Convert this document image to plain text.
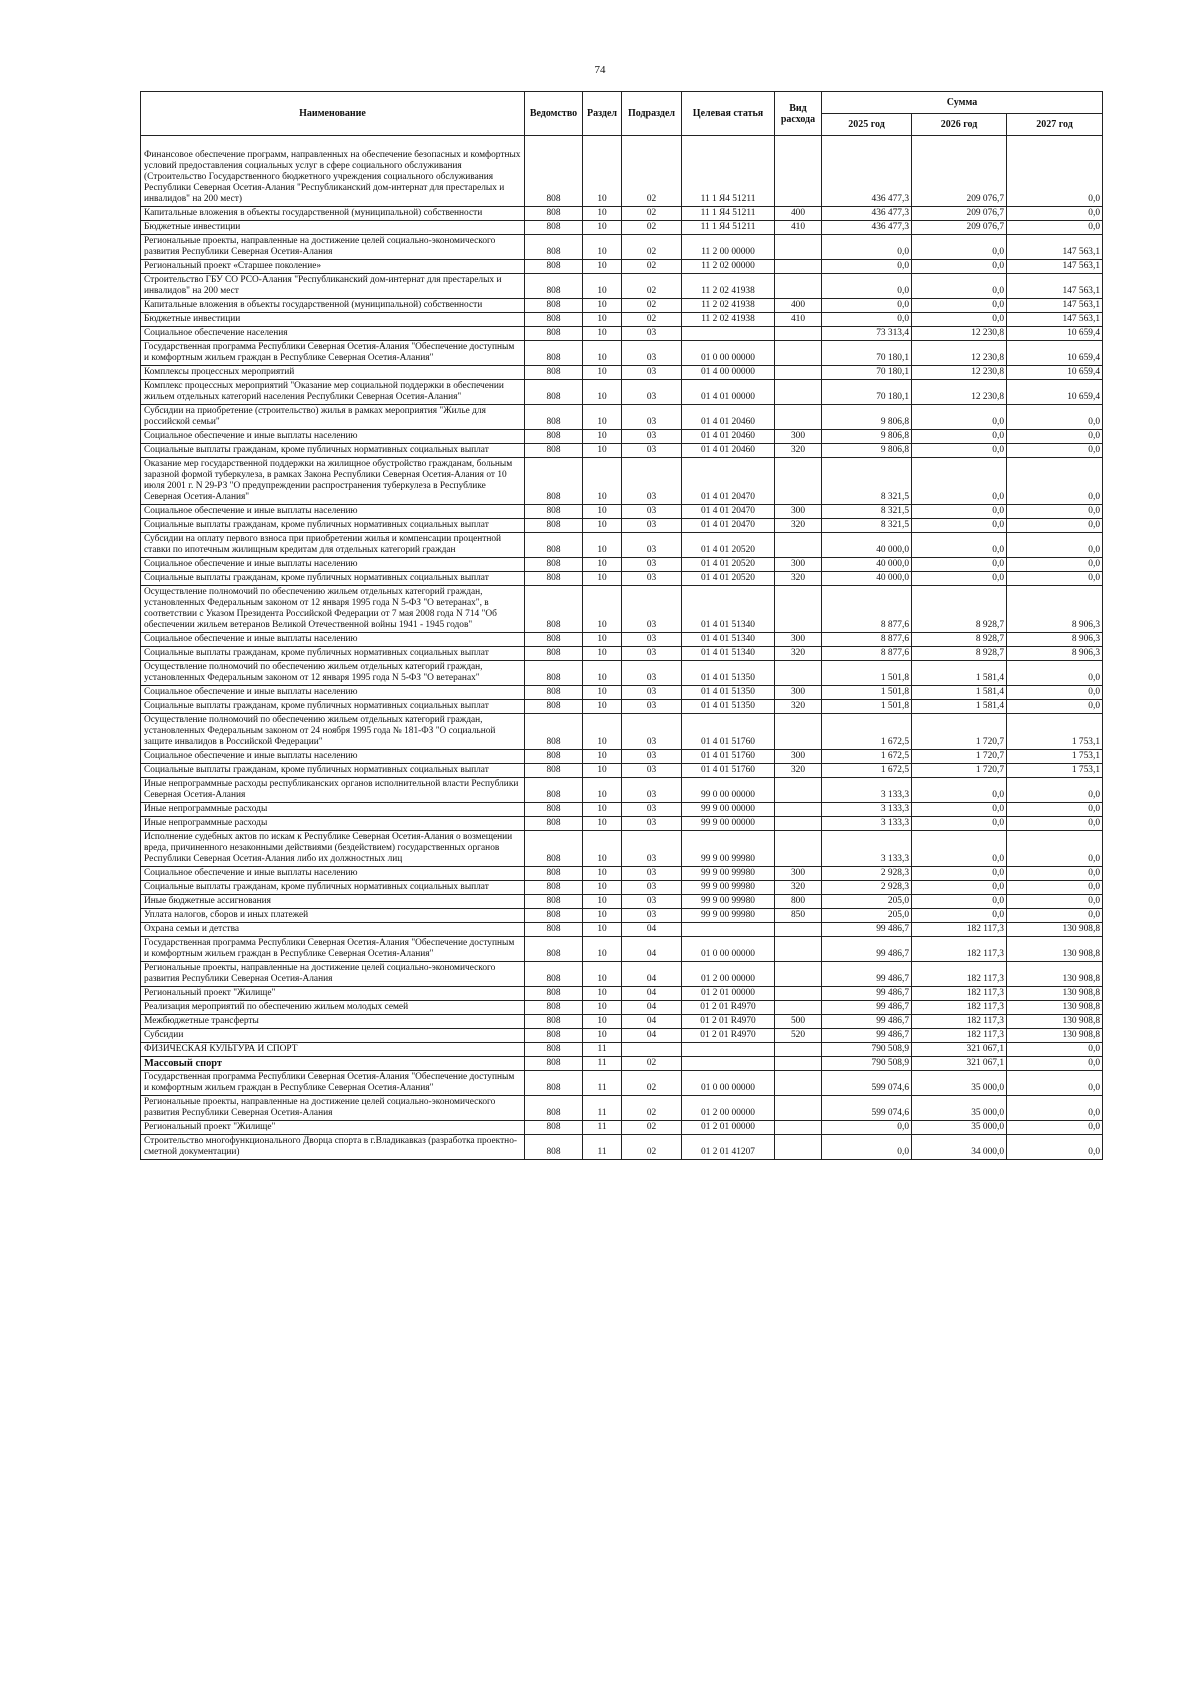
74
Наименование	Ведомство	Раздел	Подраздел	Целевая статья	Вид расхода	Сумма		
						2025 год	2026 год	2027 год
Финансовое обеспечение программ, направленных на обеспечение безопасных и комфортных условий предоставления социальных услуг в сфере социального обслуживания (Строительство Государственного бюджетного учреждения социального обслуживания Республики Северная Осетия-Алания "Республиканский дом-интернат для престарелых и инвалидов" на 200 мест)	808	10	02	11 1 Я4 51211		436 477,3	209 076,7	0,0
Капитальные вложения в объекты государственной (муниципальной) собственности	808	10	02	11 1 Я4 51211	400	436 477,3	209 076,7	0,0
Бюджетные инвестиции	808	10	02	11 1 Я4 51211	410	436 477,3	209 076,7	0,0
Региональные проекты, направленные на достижение целей социально-экономического развития Республики Северная Осетия-Алания	808	10	02	11 2 00 00000		0,0	0,0	147 563,1
Региональный проект «Старшее поколение»	808	10	02	11 2 02 00000		0,0	0,0	147 563,1
Строительство ГБУ СО РСО-Алания "Республиканский дом-интернат для престарелых и инвалидов" на 200 мест	808	10	02	11 2 02 41938		0,0	0,0	147 563,1
Капитальные вложения в объекты государственной (муниципальной) собственности	808	10	02	11 2 02 41938	400	0,0	0,0	147 563,1
Бюджетные инвестиции	808	10	02	11 2 02 41938	410	0,0	0,0	147 563,1
Социальное обеспечение населения	808	10	03			73 313,4	12 230,8	10 659,4
Государственная программа Республики Северная Осетия-Алания "Обеспечение доступным и комфортным жильем граждан в Республике Северная Осетия-Алания"	808	10	03	01 0 00 00000		70 180,1	12 230,8	10 659,4
Комплексы процессных мероприятий	808	10	03	01 4 00 00000		70 180,1	12 230,8	10 659,4
Комплекс процессных мероприятий "Оказание мер социальной поддержки в обеспечении жильем отдельных категорий населения Республики Северная Осетия-Алания"	808	10	03	01 4 01 00000		70 180,1	12 230,8	10 659,4
Субсидии на приобретение (строительство) жилья в рамках мероприятия "Жилье для российской семьи"	808	10	03	01 4 01 20460		9 806,8	0,0	0,0
Социальное обеспечение и иные выплаты населению	808	10	03	01 4 01 20460	300	9 806,8	0,0	0,0
Социальные выплаты гражданам, кроме публичных нормативных социальных выплат	808	10	03	01 4 01 20460	320	9 806,8	0,0	0,0
Оказание мер государственной поддержки на жилищное обустройство гражданам, больным заразной формой туберкулеза, в рамках Закона Республики Северная Осетия-Алания от 10 июля 2001 г. N 29-РЗ "О предупреждении распространения туберкулеза в Республике Северная Осетия-Алания"	808	10	03	01 4 01 20470		8 321,5	0,0	0,0
Социальное обеспечение и иные выплаты населению	808	10	03	01 4 01 20470	300	8 321,5	0,0	0,0
Социальные выплаты гражданам, кроме публичных нормативных социальных выплат	808	10	03	01 4 01 20470	320	8 321,5	0,0	0,0
Субсидии на оплату первого взноса при приобретении жилья и компенсации процентной ставки по ипотечным жилищным кредитам для отдельных категорий граждан	808	10	03	01 4 01 20520		40 000,0	0,0	0,0
Социальное обеспечение и иные выплаты населению	808	10	03	01 4 01 20520	300	40 000,0	0,0	0,0
Социальные выплаты гражданам, кроме публичных нормативных социальных выплат	808	10	03	01 4 01 20520	320	40 000,0	0,0	0,0
Осуществление полномочий по обеспечению жильем отдельных категорий граждан, установленных Федеральным законом от 12 января 1995 года N 5-ФЗ "О ветеранах", в соответствии с Указом Президента Российской Федерации от 7 мая 2008 года N 714 "Об обеспечении жильем ветеранов Великой Отечественной войны 1941 - 1945 годов"	808	10	03	01 4 01 51340		8 877,6	8 928,7	8 906,3
Социальное обеспечение и иные выплаты населению	808	10	03	01 4 01 51340	300	8 877,6	8 928,7	8 906,3
Социальные выплаты гражданам, кроме публичных нормативных социальных выплат	808	10	03	01 4 01 51340	320	8 877,6	8 928,7	8 906,3
Осуществление полномочий по обеспечению жильем отдельных категорий граждан, установленных Федеральным законом от 12 января 1995 года N 5-ФЗ "О ветеранах"	808	10	03	01 4 01 51350		1 501,8	1 581,4	0,0
Социальное обеспечение и иные выплаты населению	808	10	03	01 4 01 51350	300	1 501,8	1 581,4	0,0
Социальные выплаты гражданам, кроме публичных нормативных социальных выплат	808	10	03	01 4 01 51350	320	1 501,8	1 581,4	0,0
Осуществление полномочий по обеспечению жильем отдельных категорий граждан, установленных Федеральным законом от 24 ноября 1995 года № 181-ФЗ "О социальной защите инвалидов в Российской Федерации"	808	10	03	01 4 01 51760		1 672,5	1 720,7	1 753,1
Социальное обеспечение и иные выплаты населению	808	10	03	01 4 01 51760	300	1 672,5	1 720,7	1 753,1
Социальные выплаты гражданам, кроме публичных нормативных социальных выплат	808	10	03	01 4 01 51760	320	1 672,5	1 720,7	1 753,1
Иные непрограммные расходы республиканских органов исполнительной власти Республики Северная Осетия-Алания	808	10	03	99 0 00 00000		3 133,3	0,0	0,0
Иные непрограммные расходы	808	10	03	99 9 00 00000		3 133,3	0,0	0,0
Иные непрограммные расходы	808	10	03	99 9 00 00000		3 133,3	0,0	0,0
Исполнение судебных актов по искам к Республике Северная Осетия-Алания о возмещении вреда, причиненного незаконными действиями (бездействием) государственных органов Республики Северная Осетия-Алания либо их должностных лиц	808	10	03	99 9 00 99980		3 133,3	0,0	0,0
Социальное обеспечение и иные выплаты населению	808	10	03	99 9 00 99980	300	2 928,3	0,0	0,0
Социальные выплаты гражданам, кроме публичных нормативных социальных выплат	808	10	03	99 9 00 99980	320	2 928,3	0,0	0,0
Иные бюджетные ассигнования	808	10	03	99 9 00 99980	800	205,0	0,0	0,0
Уплата налогов, сборов и иных платежей	808	10	03	99 9 00 99980	850	205,0	0,0	0,0
Охрана семьи и детства	808	10	04			99 486,7	182 117,3	130 908,8
Государственная программа Республики Северная Осетия-Алания "Обеспечение доступным и комфортным жильем граждан в Республике Северная Осетия-Алания"	808	10	04	01 0 00 00000		99 486,7	182 117,3	130 908,8
Региональные проекты, направленные на достижение целей социально-экономического развития Республики Северная Осетия-Алания	808	10	04	01 2 00 00000		99 486,7	182 117,3	130 908,8
Региональный проект "Жилище"	808	10	04	01 2 01 00000		99 486,7	182 117,3	130 908,8
Реализация мероприятий по обеспечению жильем молодых семей	808	10	04	01 2 01 R4970		99 486,7	182 117,3	130 908,8
Межбюджетные трансферты	808	10	04	01 2 01 R4970	500	99 486,7	182 117,3	130 908,8
Субсидии	808	10	04	01 2 01 R4970	520	99 486,7	182 117,3	130 908,8
ФИЗИЧЕСКАЯ КУЛЬТУРА И СПОРТ	808	11				790 508,9	321 067,1	0,0
Массовый спорт	808	11	02			790 508,9	321 067,1	0,0
Государственная программа Республики Северная Осетия-Алания "Обеспечение доступным и комфортным жильем граждан в Республике Северная Осетия-Алания"	808	11	02	01 0 00 00000		599 074,6	35 000,0	0,0
Региональные проекты, направленные на достижение целей социально-экономического развития Республики Северная Осетия-Алания	808	11	02	01 2 00 00000		599 074,6	35 000,0	0,0
Региональный проект "Жилище"	808	11	02	01 2 01 00000		0,0	35 000,0	0,0
Строительство многофункционального Дворца спорта в г.Владикавказ (разработка проектно-сметной документации)	808	11	02	01 2 01 41207		0,0	34 000,0	0,0
